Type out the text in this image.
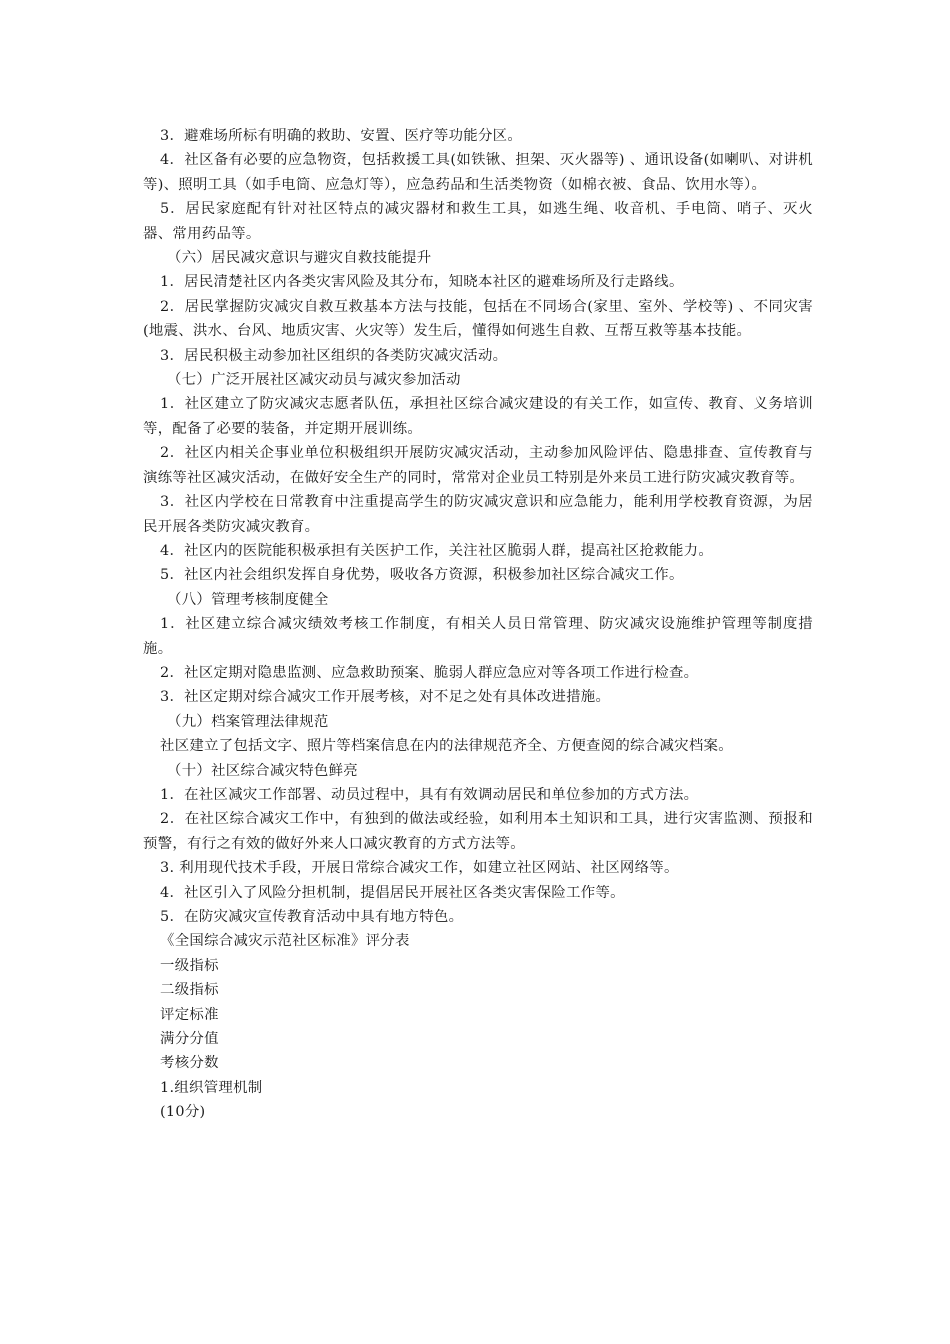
3．避难场所标有明确的救助、安置、医疗等功能分区。

4．社区备有必要的应急物资，包括救援工具(如铁锹、担架、灭火器等) 、通讯设备(如喇叭、对讲机等)、照明工具（如手电筒、应急灯等），应急药品和生活类物资（如棉衣被、食品、饮用水等）。

5．居民家庭配有针对社区特点的减灾器材和救生工具，如逃生绳、收音机、手电筒、哨子、灭火器、常用药品等。

（六）居民减灾意识与避灾自救技能提升

1．居民清楚社区内各类灾害风险及其分布，知晓本社区的避难场所及行走路线。

2．居民掌握防灾减灾自救互救基本方法与技能，包括在不同场合(家里、室外、学校等) 、不同灾害(地震、洪水、台风、地质灾害、火灾等）发生后，懂得如何逃生自救、互帮互救等基本技能。

3．居民积极主动参加社区组织的各类防灾减灾活动。

（七）广泛开展社区减灾动员与减灾参加活动

1．社区建立了防灾减灾志愿者队伍，承担社区综合减灾建设的有关工作，如宣传、教育、义务培训等，配备了必要的装备，并定期开展训练。

2．社区内相关企事业单位积极组织开展防灾减灾活动，主动参加风险评估、隐患排查、宣传教育与演练等社区减灾活动，在做好安全生产的同时，常常对企业员工特别是外来员工进行防灾减灾教育等。

3．社区内学校在日常教育中注重提高学生的防灾减灾意识和应急能力，能利用学校教育资源，为居民开展各类防灾减灾教育。

4．社区内的医院能积极承担有关医护工作，关注社区脆弱人群，提高社区抢救能力。

5．社区内社会组织发挥自身优势，吸收各方资源，积极参加社区综合减灾工作。

（八）管理考核制度健全

1．社区建立综合减灾绩效考核工作制度，有相关人员日常管理、防灾减灾设施维护管理等制度措施。

2．社区定期对隐患监测、应急救助预案、脆弱人群应急应对等各项工作进行检查。

3．社区定期对综合减灾工作开展考核，对不足之处有具体改进措施。

（九）档案管理法律规范

社区建立了包括文字、照片等档案信息在内的法律规范齐全、方便查阅的综合减灾档案。

（十）社区综合减灾特色鲜亮

1．在社区减灾工作部署、动员过程中，具有有效调动居民和单位参加的方式方法。

2．在社区综合减灾工作中，有独到的做法或经验，如利用本土知识和工具，进行灾害监测、预报和预警，有行之有效的做好外来人口减灾教育的方式方法等。

3. 利用现代技术手段，开展日常综合减灾工作，如建立社区网站、社区网络等。

4．社区引入了风险分担机制，提倡居民开展社区各类灾害保险工作等。

5．在防灾减灾宣传教育活动中具有地方特色。

《全国综合减灾示范社区标准》评分表

一级指标

二级指标

评定标准

满分分值

考核分数

1.组织管理机制

(10分)
